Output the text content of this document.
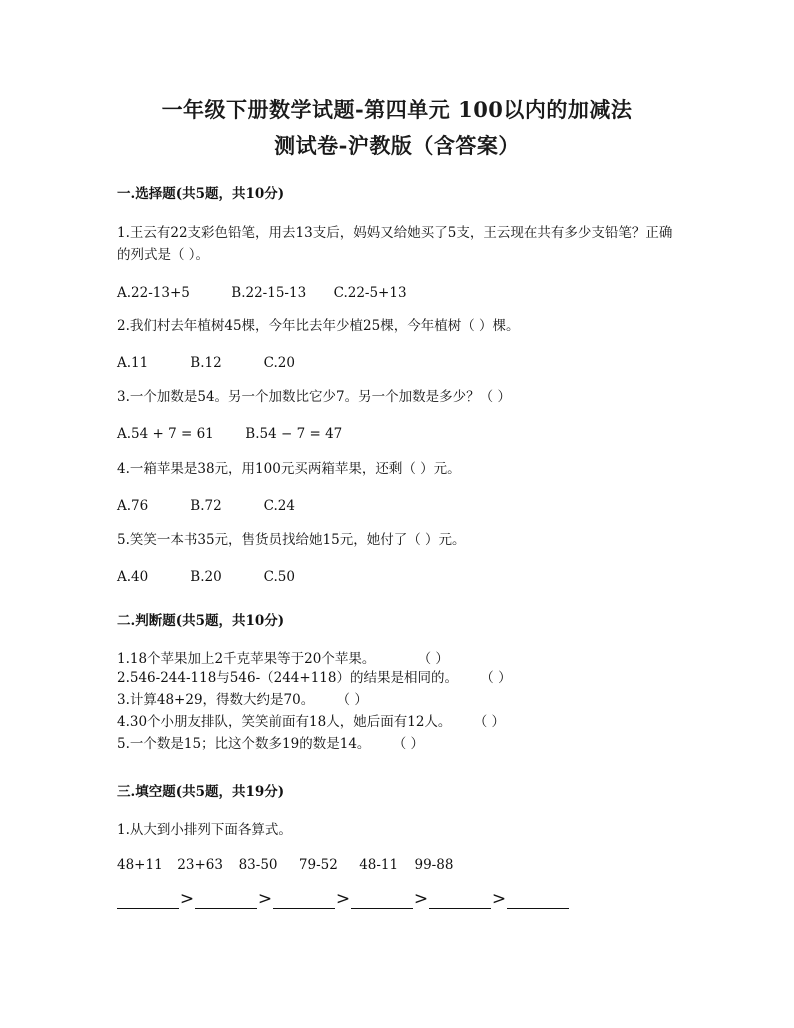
一年级下册数学试题-第四单元 100以内的加减法
测试卷-沪教版（含答案）
一.选择题(共5题，共10分)
1.王云有22支彩色铅笔，用去13支后，妈妈又给她买了5支，王云现在共有多少支铅笔？正确的列式是（ ）。
A.22-13+5	B.22-15-13 C.22-5+13
2.我们村去年植树45棵，今年比去年少植25棵，今年植树（ ）棵。
A.11	B.12	C.20
3.一个加数是54。另一个加数比它少7。另一个加数是多少？（ ）
A.54 + 7 = 61 B.54 − 7 = 47
4.一箱苹果是38元，用100元买两箱苹果，还剩（ ）元。
A.76	B.72	C.24
5.笑笑一本书35元，售货员找给她15元，她付了（ ）元。
A.40	B.20	C.50
二.判断题(共5题，共10分)
1.18个苹果加上2千克苹果等于20个苹果。	（ ）
2.546-244-118与546-（244+118）的结果是相同的。 （ ）
3.计算48+29，得数大约是70。 （ ）
4.30个小朋友排队，笑笑前面有18人，她后面有12人。 （ ）
5.一个数是15；比这个数多19的数是14。 （ ）
三.填空题(共5题，共19分)
1.从大到小排列下面各算式。
48+11 23+63 83-50 79-52 48-11 99-88
>	>	>	>	>
